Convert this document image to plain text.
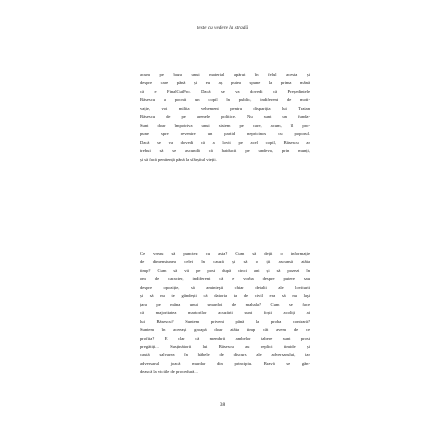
teste cu vedere la stradă
acum pe baza unui material apărut în felul acesta și
despre care până și eu aș putea spune la prima mână
că e FinalCutPro. Dacă se va dovedi că Președintele
Băsescu a pocnit un copil în public, indiferent de moti-
vație, voi milita vehement pentru dispariția lui Traian
Băsescu de pe arenele politice. Nu sunt un funda-
Sunt doar împotriva unui sistem pe care, acum, îl pro-
pune spre revenire un partid nepricinos cu poporul.
Dacă se va dovedi că a lovit pe acel copil, Băsescu ar
trebui să se ascundă că haiducii pe undeva, prin munți,
și să facă penitență până la sfârșitul vieții.
Ce vreau să punctez cu asta? Cum să deții o informație
de dimensiunea celei în cauză și să o ții ascunsă atâta
timp? Cum să vii pe post după cinci ani și să pozezi în
om de caracter, indiferent că e vorba despre putere sau
despre opoziție, să aminteşti chiar detalii ale loviturii
și să nu te gândești că datoria ta de civil era să nu laşi
țara pe mâna unui smardoi de mahala? Cum se face
că majoritatea martorilor acuzării sunt foști acoliți ai
lui Băsescu? Suntem priveni până la proba contrară?
Suntem în aceeași groapă doar atâta timp cât avem de ce
profita? E clar că membrii ambelor tabere sunt prost
pregătiți... Susținătorii lui Băsescu au replici timide și
caută salvarea în hăbele de discurs ale adversarului, iar
adversarul joacă murdar din principiu. Bravă se gân-
dească la viciile de procedură...
38
